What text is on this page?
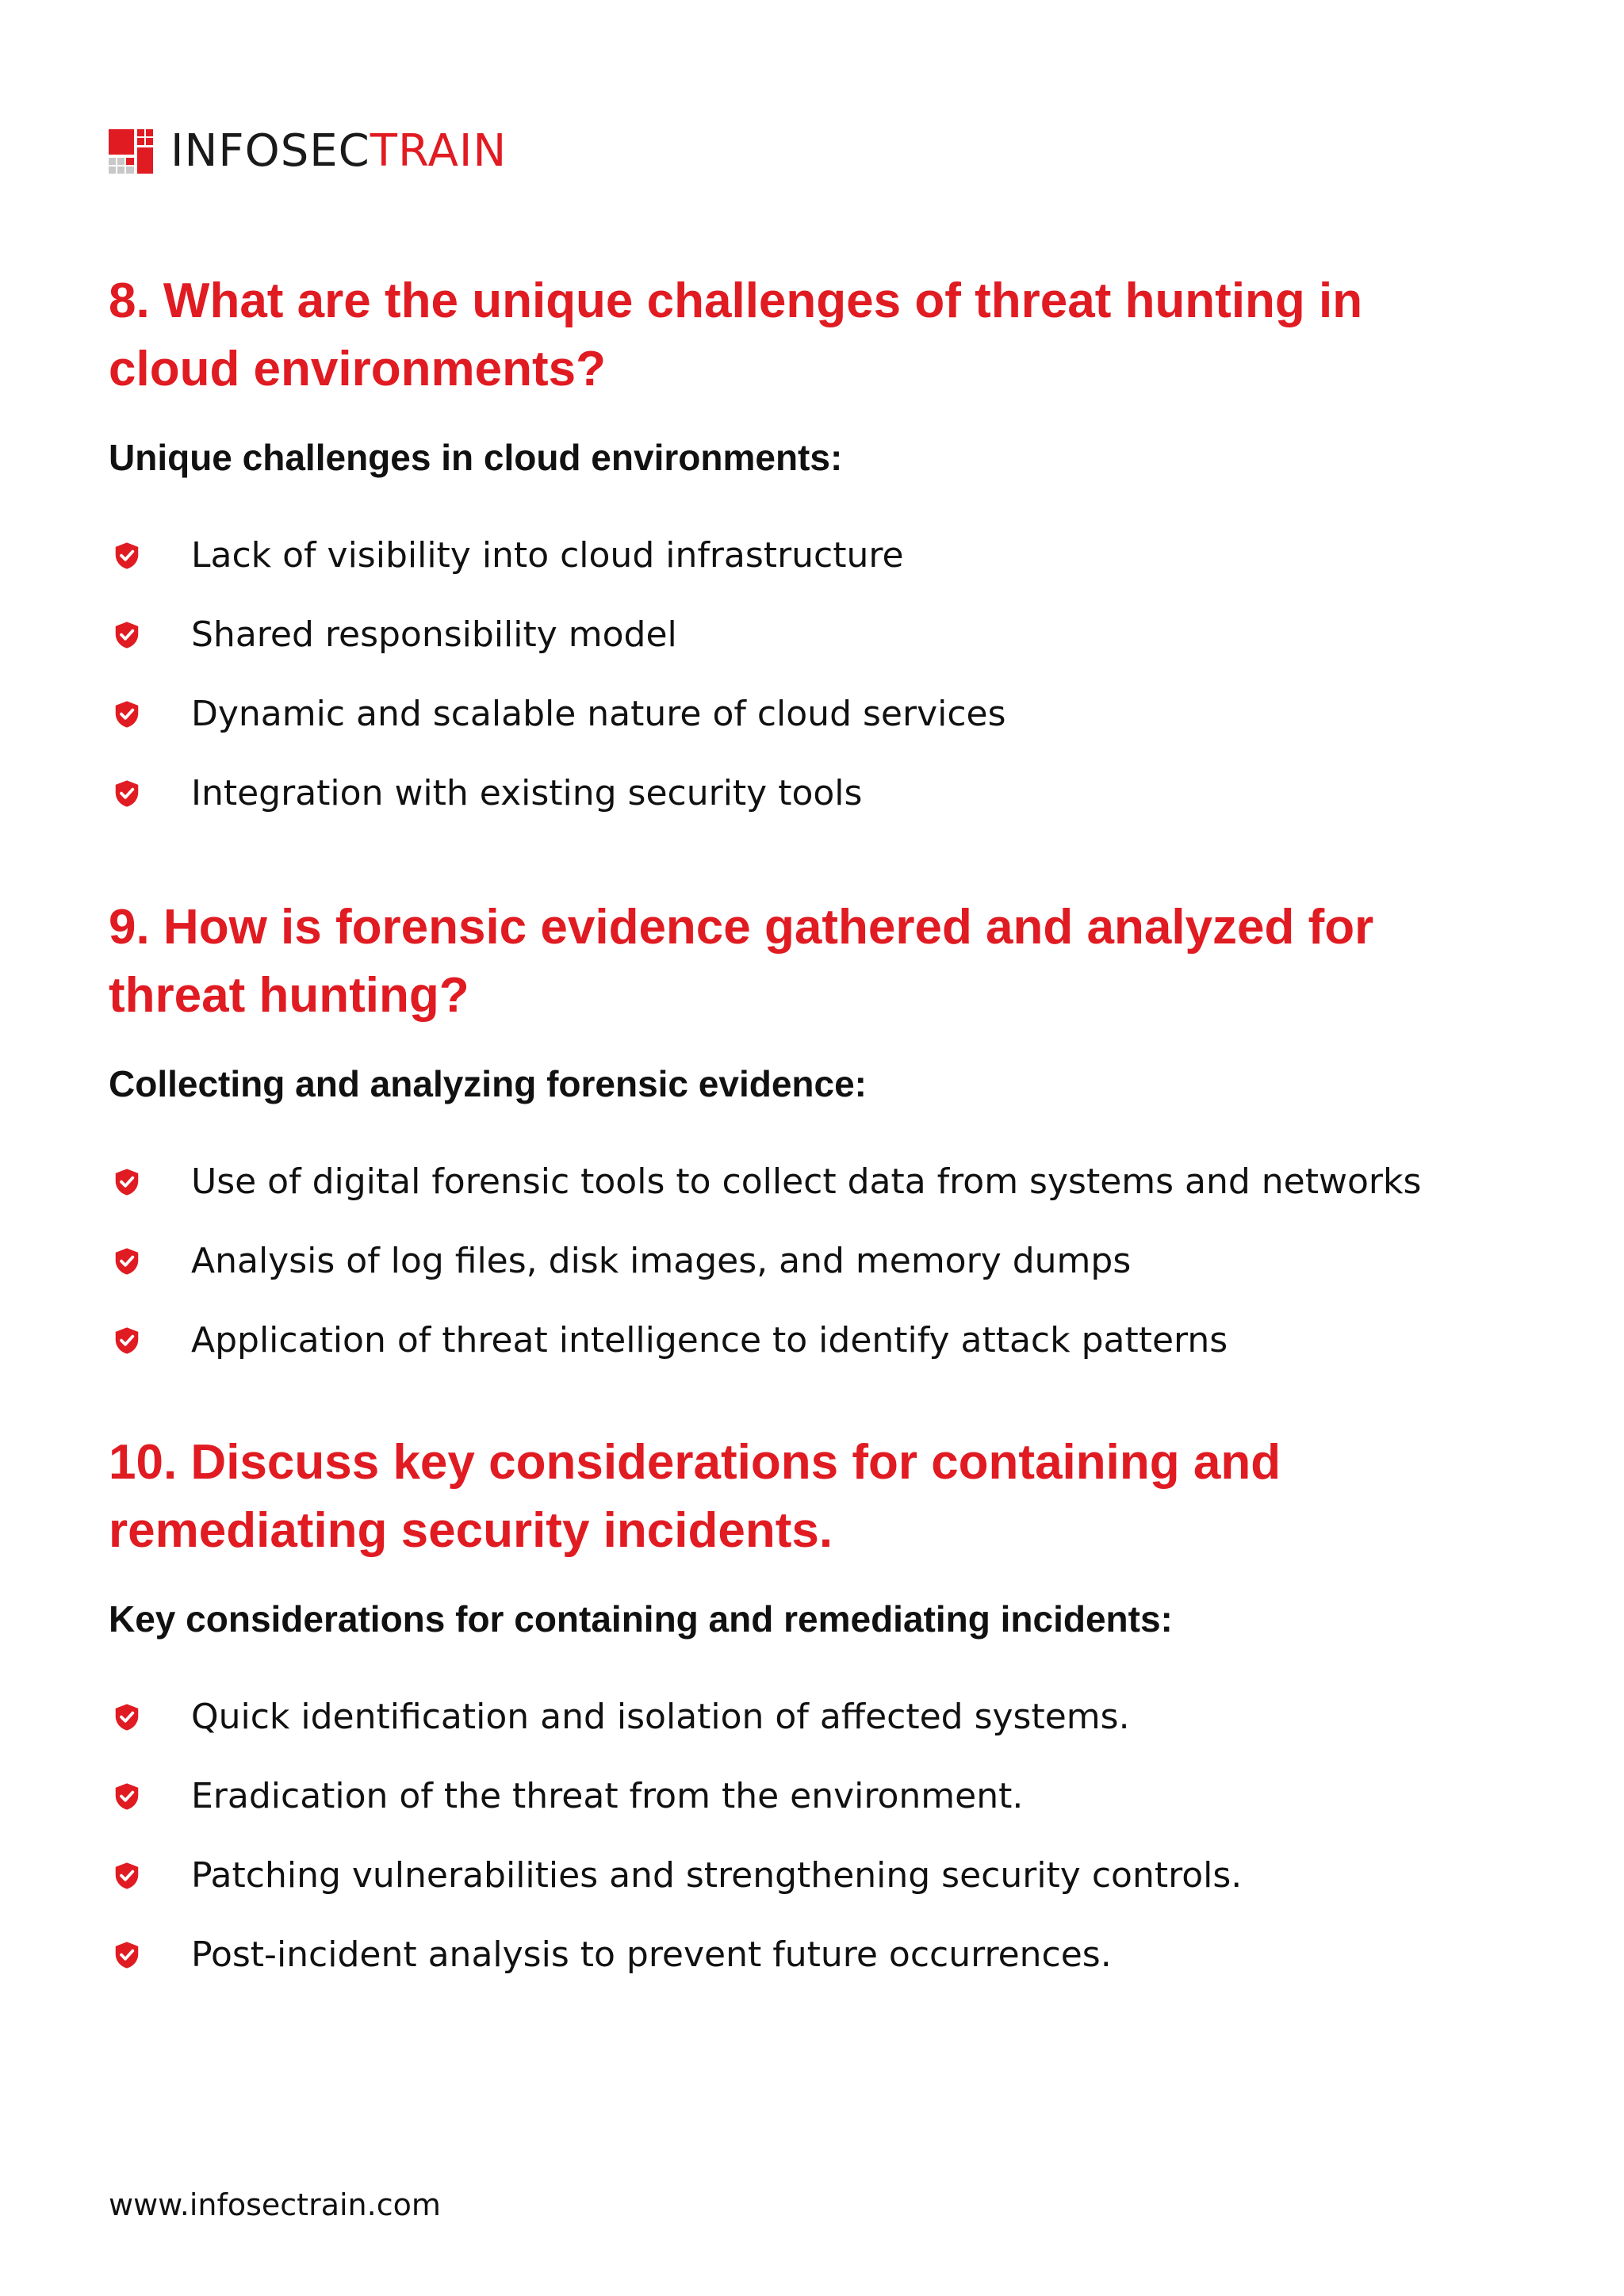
INFOSECTRAIN
8. What are the unique challenges of threat hunting in cloud environments?
Unique challenges in cloud environments:
Lack of visibility into cloud infrastructure
Shared responsibility model
Dynamic and scalable nature of cloud services
Integration with existing security tools
9. How is forensic evidence gathered and analyzed for threat hunting?
Collecting and analyzing forensic evidence:
Use of digital forensic tools to collect data from systems and networks
Analysis of log files, disk images, and memory dumps
Application of threat intelligence to identify attack patterns
10. Discuss key considerations for containing and remediating security incidents.
Key considerations for containing and remediating incidents:
Quick identification and isolation of affected systems.
Eradication of the threat from the environment.
Patching vulnerabilities and strengthening security controls.
Post-incident analysis to prevent future occurrences.
www.infosectrain.com
